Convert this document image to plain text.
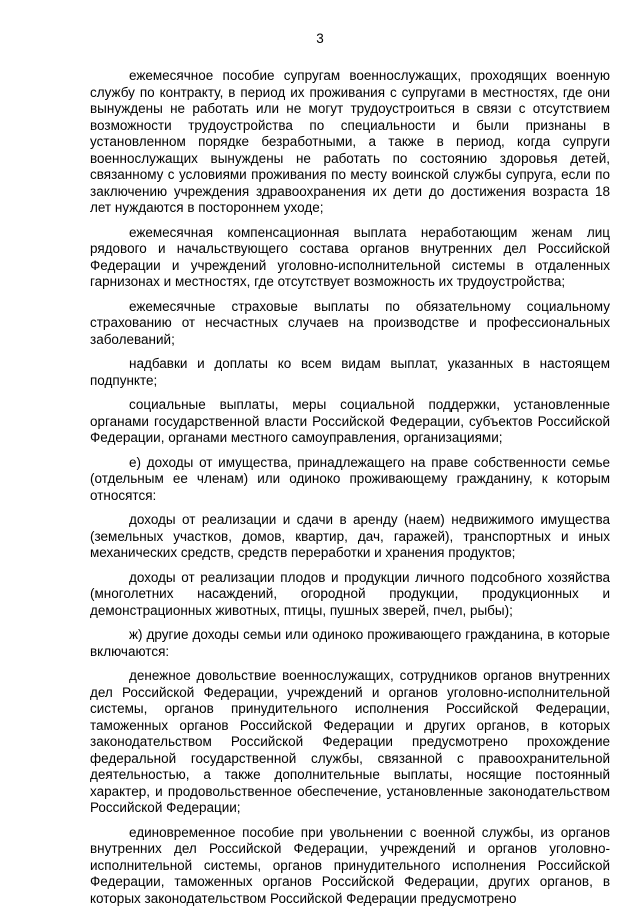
3

ежемесячное пособие супругам военнослужащих, проходящих военную службу по контракту, в период их проживания с супругами в местностях, где они вынуждены не работать или не могут трудоустроиться в связи с отсутствием возможности трудоустройства по специальности и были признаны в установленном порядке безработными, а также в период, когда супруги военнослужащих вынуждены не работать по состоянию здоровья детей, связанному с условиями проживания по месту воинской службы супруга, если по заключению учреждения здравоохранения их дети до достижения возраста 18 лет нуждаются в постороннем уходе;

ежемесячная компенсационная выплата неработающим женам лиц рядового и начальствующего состава органов внутренних дел Российской Федерации и учреждений уголовно-исполнительной системы в отдаленных гарнизонах и местностях, где отсутствует возможность их трудоустройства;

ежемесячные страховые выплаты по обязательному социальному страхованию от несчастных случаев на производстве и профессиональных заболеваний;

надбавки и доплаты ко всем видам выплат, указанных в настоящем подпункте;

социальные выплаты, меры социальной поддержки, установленные органами государственной власти Российской Федерации, субъектов Российской Федерации, органами местного самоуправления, организациями;

е) доходы от имущества, принадлежащего на праве собственности семье (отдельным ее членам) или одиноко проживающему гражданину, к которым относятся:

доходы от реализации и сдачи в аренду (наем) недвижимого имущества (земельных участков, домов, квартир, дач, гаражей), транспортных и иных механических средств, средств переработки и хранения продуктов;

доходы от реализации плодов и продукции личного подсобного хозяйства (многолетних насаждений, огородной продукции, продукционных и демонстрационных животных, птицы, пушных зверей, пчел, рыбы);

ж) другие доходы семьи или одиноко проживающего гражданина, в которые включаются:

денежное довольствие военнослужащих, сотрудников органов внутренних дел Российской Федерации, учреждений и органов уголовно-исполнительной системы, органов принудительного исполнения Российской Федерации, таможенных органов Российской Федерации и других органов, в которых законодательством Российской Федерации предусмотрено прохождение федеральной государственной службы, связанной с правоохранительной деятельностью, а также дополнительные выплаты, носящие постоянный характер, и продовольственное обеспечение, установленные законодательством Российской Федерации;

единовременное пособие при увольнении с военной службы, из органов внутренних дел Российской Федерации, учреждений и органов уголовно-исполнительной системы, органов принудительного исполнения Российской Федерации, таможенных органов Российской Федерации, других органов, в которых законодательством Российской Федерации предусмотрено
